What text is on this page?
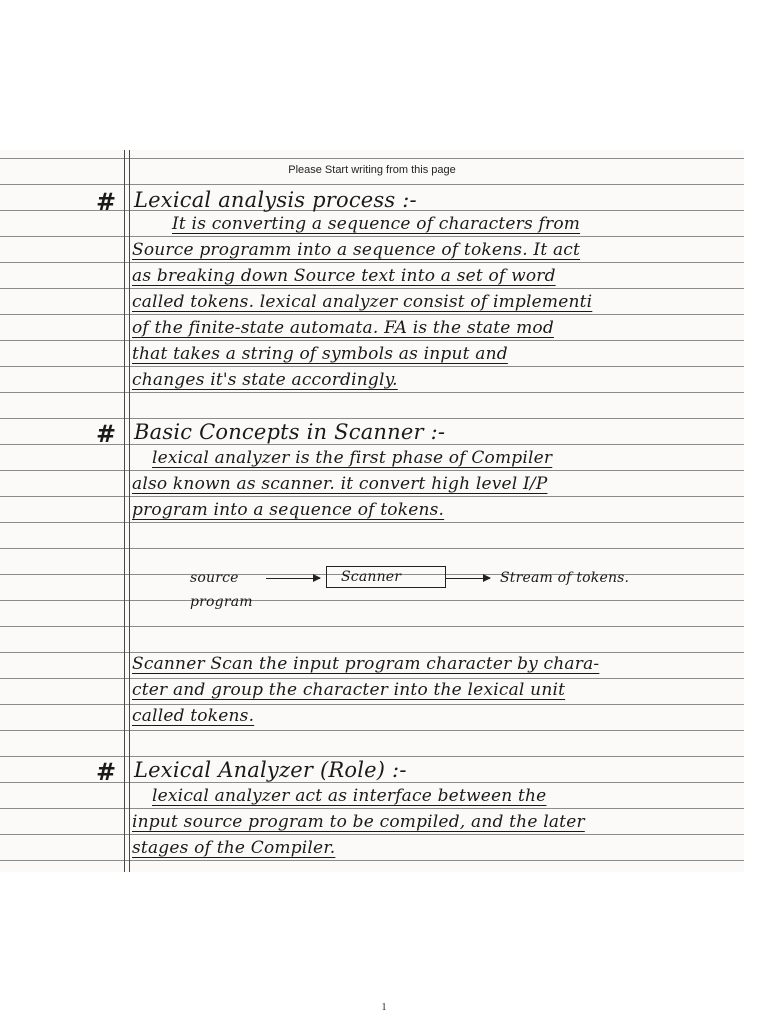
Please Start writing from this page
# Lexical analysis process :-
It is converting a sequence of characters from
Source programm into a sequence of tokens. It act
as breaking down Source text into a set of word
called tokens. lexical analyzer consist of implementi
of the finite-state automata. FA is the state mod
that takes a string of symbols as input and
changes it's state accordingly.
# Basic Concepts in Scanner :-
lexical analyzer is the first phase of Compiler
also known as scanner. it convert high level I/P
program into a sequence of tokens.
source
program
Scanner	Stream of tokens.
Scanner Scan the input program character by chara-
cter and group the character into the lexical unit
called tokens.
# Lexical Analyzer (Role) :-
lexical analyzer act as interface between the
input source program to be compiled, and the later
stages of the Compiler.
1
